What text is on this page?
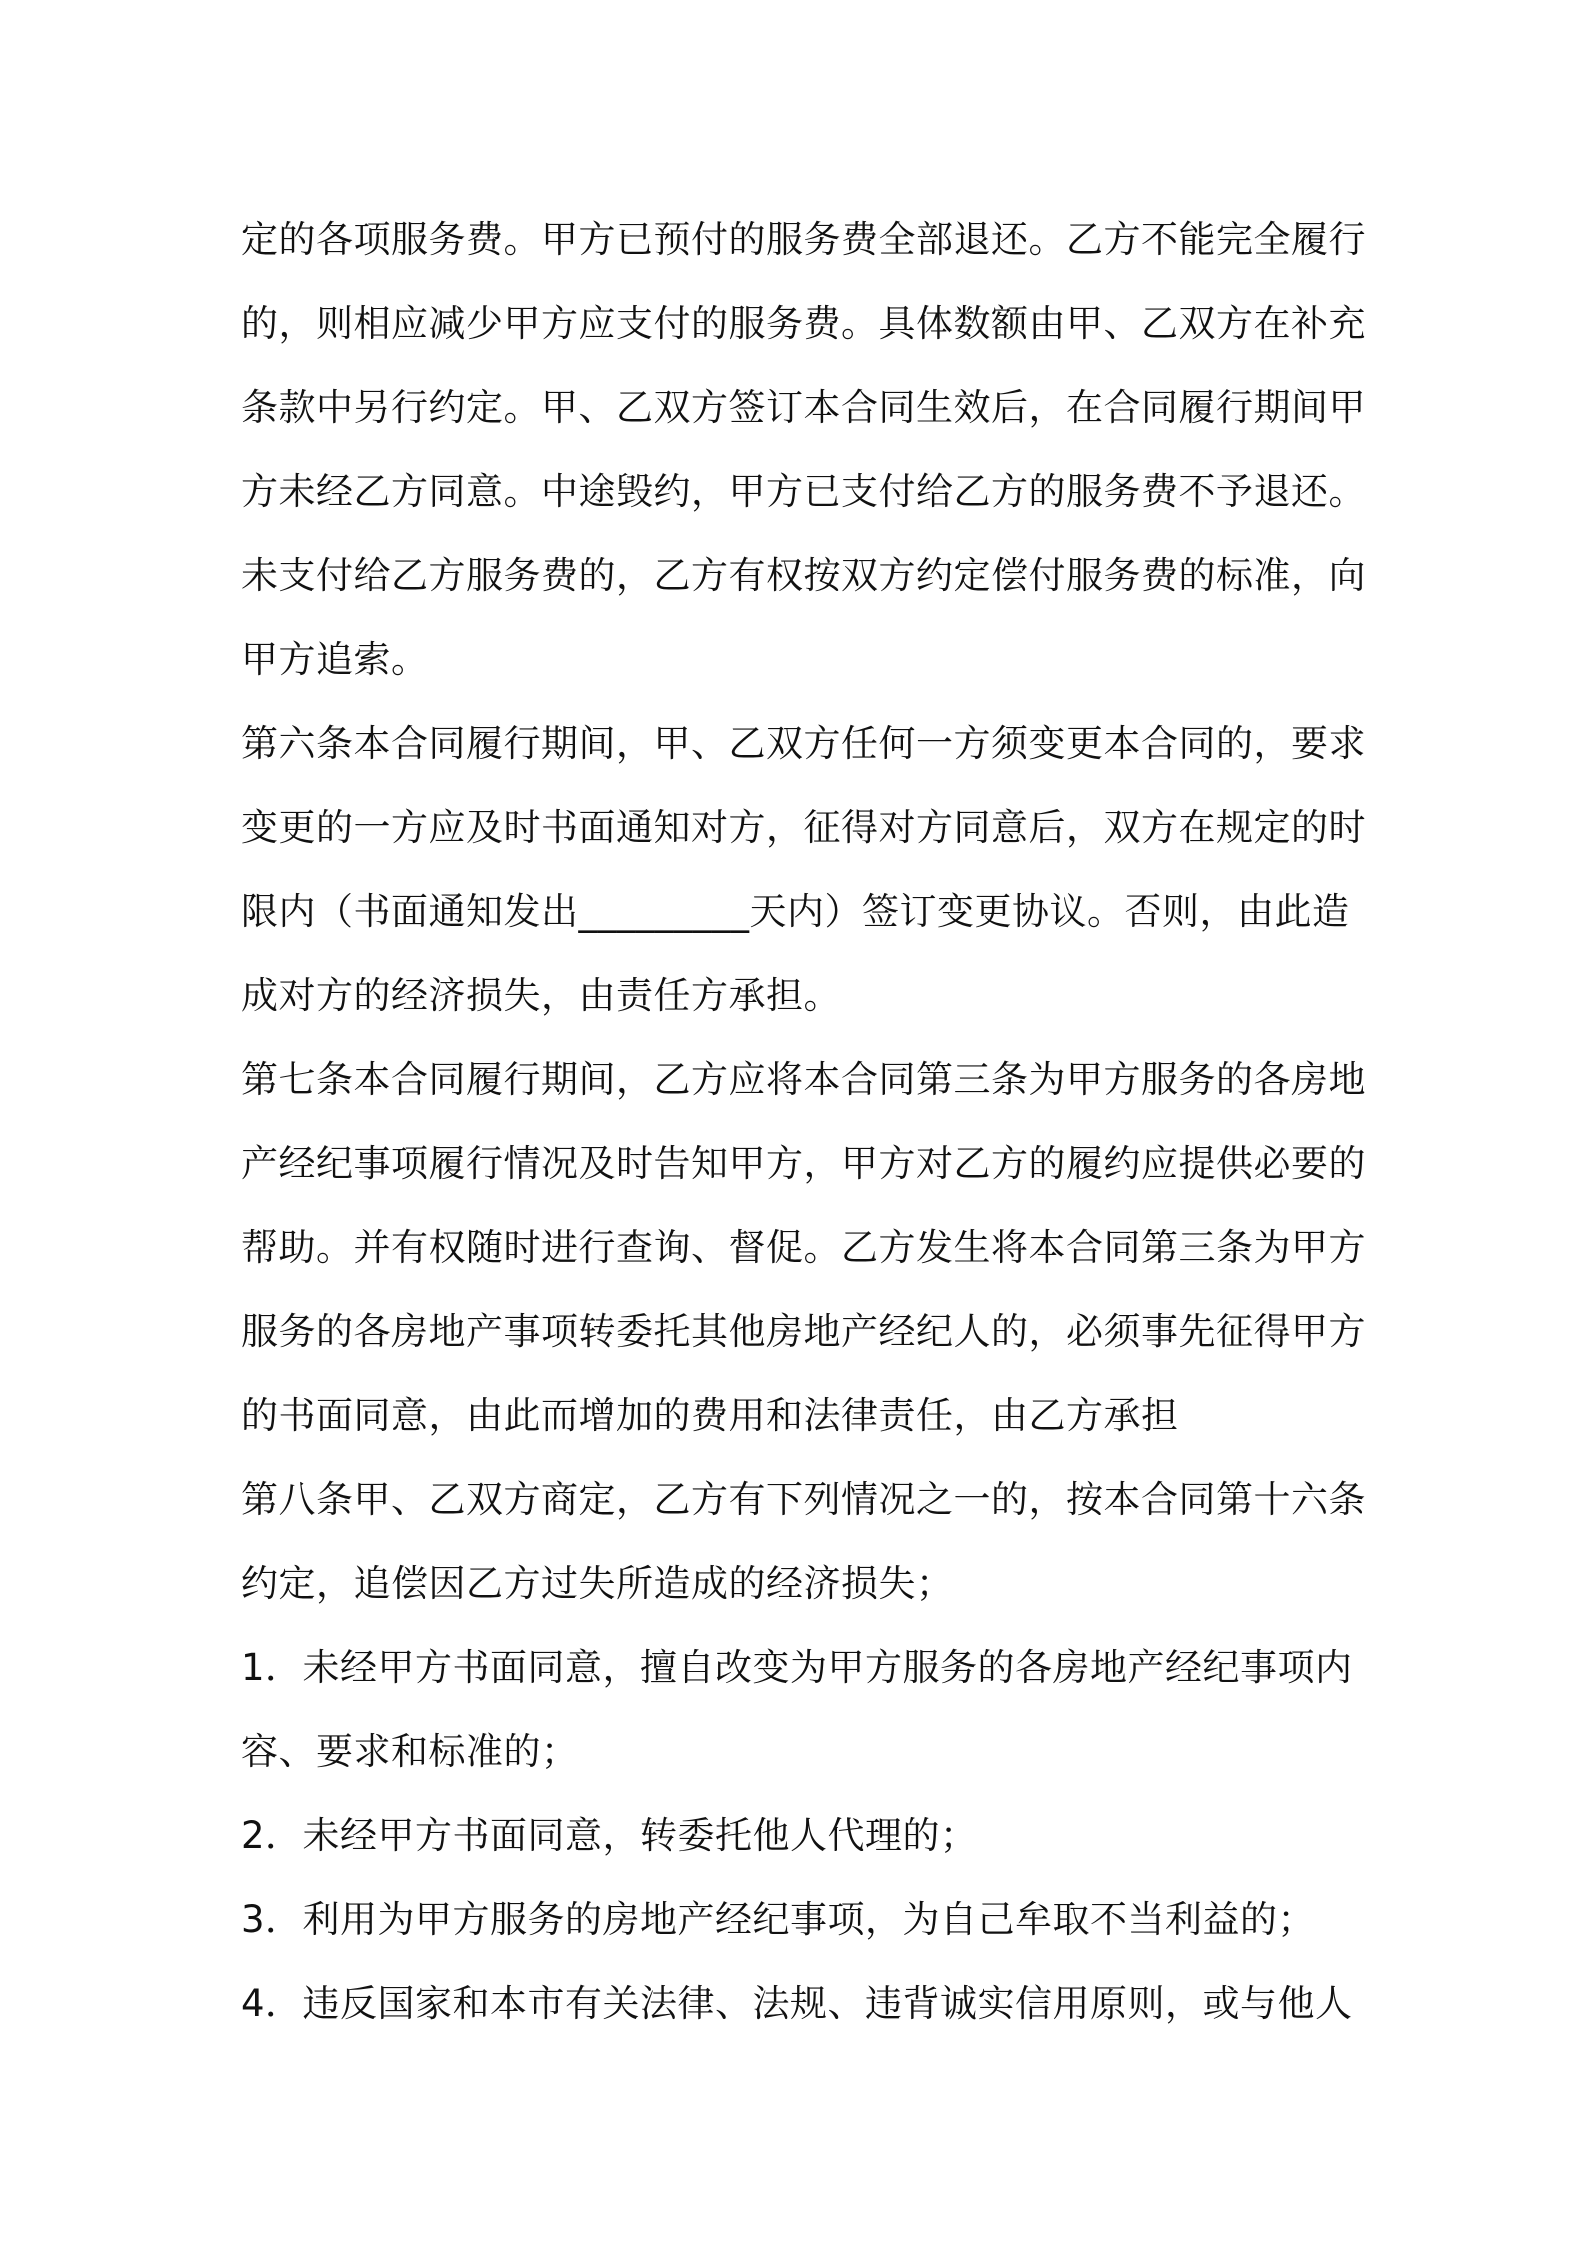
定的各项服务费。甲方已预付的服务费全部退还。乙方不能完全履行
的，则相应减少甲方应支付的服务费。具体数额由甲、乙双方在补充
条款中另行约定。甲、乙双方签订本合同生效后，在合同履行期间甲
方未经乙方同意。中途毁约，甲方已支付给乙方的服务费不予退还。
未支付给乙方服务费的，乙方有权按双方约定偿付服务费的标准，向
甲方追索。
第六条本合同履行期间，甲、乙双方任何一方须变更本合同的，要求
变更的一方应及时书面通知对方，征得对方同意后，双方在规定的时
限内（书面通知发出_________天内）签订变更协议。否则，由此造
成对方的经济损失，由责任方承担。
第七条本合同履行期间，乙方应将本合同第三条为甲方服务的各房地
产经纪事项履行情况及时告知甲方，甲方对乙方的履约应提供必要的
帮助。并有权随时进行查询、督促。乙方发生将本合同第三条为甲方
服务的各房地产事项转委托其他房地产经纪人的，必须事先征得甲方
的书面同意，由此而增加的费用和法律责任，由乙方承担
第八条甲、乙双方商定，乙方有下列情况之一的，按本合同第十六条
约定，追偿因乙方过失所造成的经济损失；
1．未经甲方书面同意，擅自改变为甲方服务的各房地产经纪事项内
容、要求和标准的；
2．未经甲方书面同意，转委托他人代理的；
3．利用为甲方服务的房地产经纪事项，为自己牟取不当利益的；
4．违反国家和本市有关法律、法规、违背诚实信用原则，或与他人
